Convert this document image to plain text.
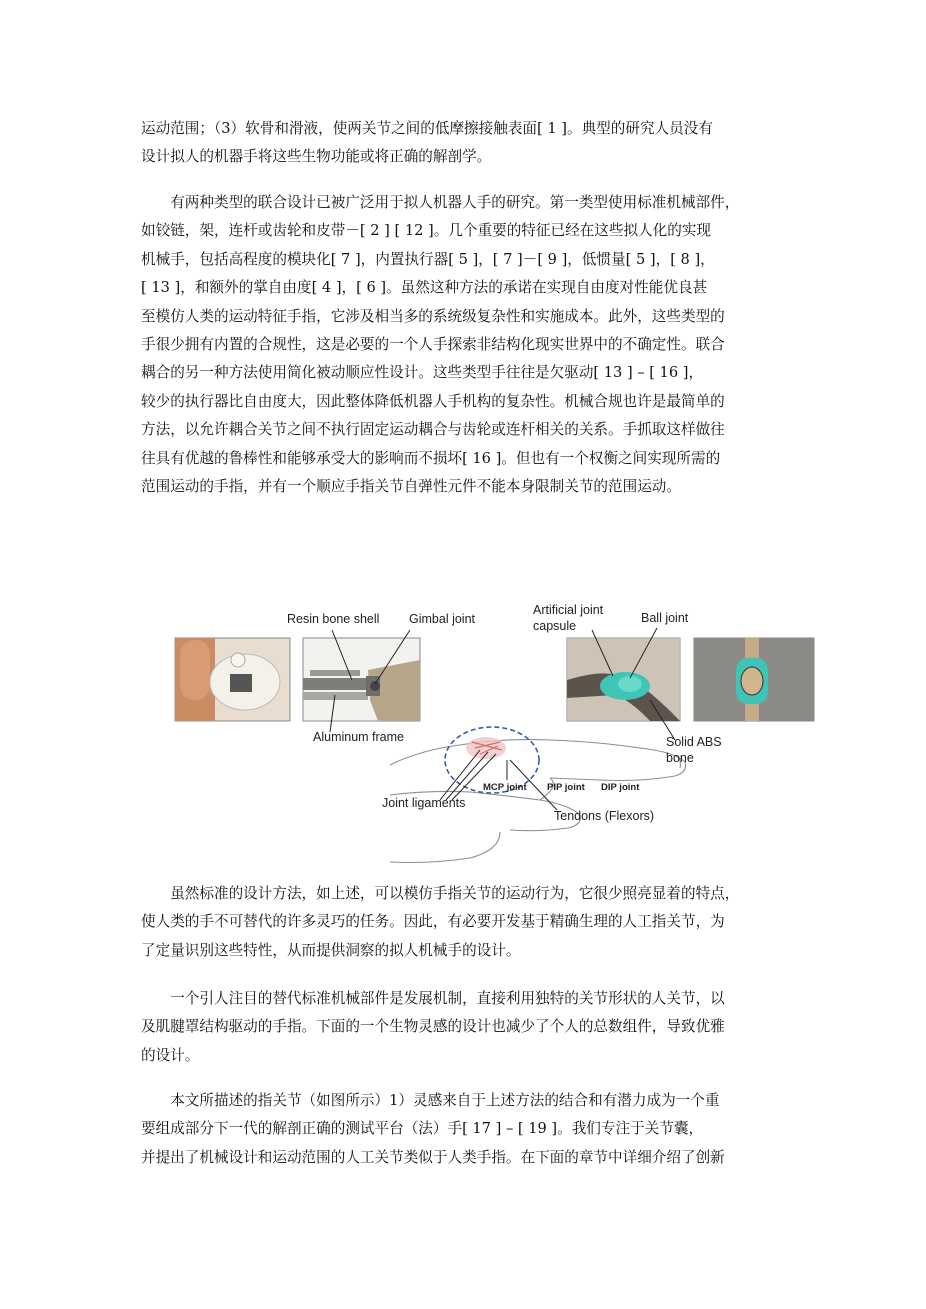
运动范围；（3）软骨和滑液，使两关节之间的低摩擦接触表面[ 1 ]。典型的研究人员没有
设计拟人的机器手将这些生物功能或将正确的解剖学。
　　有两种类型的联合设计已被广泛用于拟人机器人手的研究。第一类型使用标准机械部件，
如铰链，架，连杆或齿轮和皮带－[ 2 ] [ 12 ]。几个重要的特征已经在这些拟人化的实现
机械手，包括高程度的模块化[ 7 ]，内置执行器[ 5 ]，[ 7 ]－[ 9 ]，低惯量[ 5 ]，[ 8 ]，
[ 13 ]，和额外的掌自由度[ 4 ]，[ 6 ]。虽然这种方法的承诺在实现自由度对性能优良甚
至模仿人类的运动特征手指，它涉及相当多的系统级复杂性和实施成本。此外，这些类型的
手很少拥有内置的合规性，这是必要的一个人手探索非结构化现实世界中的不确定性。联合
耦合的另一种方法使用简化被动顺应性设计。这些类型手往往是欠驱动[ 13 ] – [ 16 ]，
较少的执行器比自由度大，因此整体降低机器人手机构的复杂性。机械合规也许是最简单的
方法，以允许耦合关节之间不执行固定运动耦合与齿轮或连杆相关的关系。手抓取这样做往
往具有优越的鲁棒性和能够承受大的影响而不损坏[ 16 ]。但也有一个权衡之间实现所需的
范围运动的手指，并有一个顺应手指关节自弹性元件不能本身限制关节的范围运动。
Resin bone shell Gimbal joint
Artificial joint
capsule
Ball joint
Aluminum frame	Solid ABS
bone
MCP joint PIP joint DIP joint
Joint ligaments
Tendons (Flexors)
　　虽然标准的设计方法，如上述，可以模仿手指关节的运动行为，它很少照亮显着的特点，
使人类的手不可替代的许多灵巧的任务。因此，有必要开发基于精确生理的人工指关节，为
了定量识别这些特性，从而提供洞察的拟人机械手的设计。
　　一个引人注目的替代标准机械部件是发展机制，直接利用独特的关节形状的人关节，以
及肌腱罩结构驱动的手指。下面的一个生物灵感的设计也减少了个人的总数组件，导致优雅
的设计。
　　本文所描述的指关节（如图所示）1）灵感来自于上述方法的结合和有潜力成为一个重
要组成部分下一代的解剖正确的测试平台（法）手[ 17 ] – [ 19 ]。我们专注于关节囊，
并提出了机械设计和运动范围的人工关节类似于人类手指。在下面的章节中详细介绍了创新
